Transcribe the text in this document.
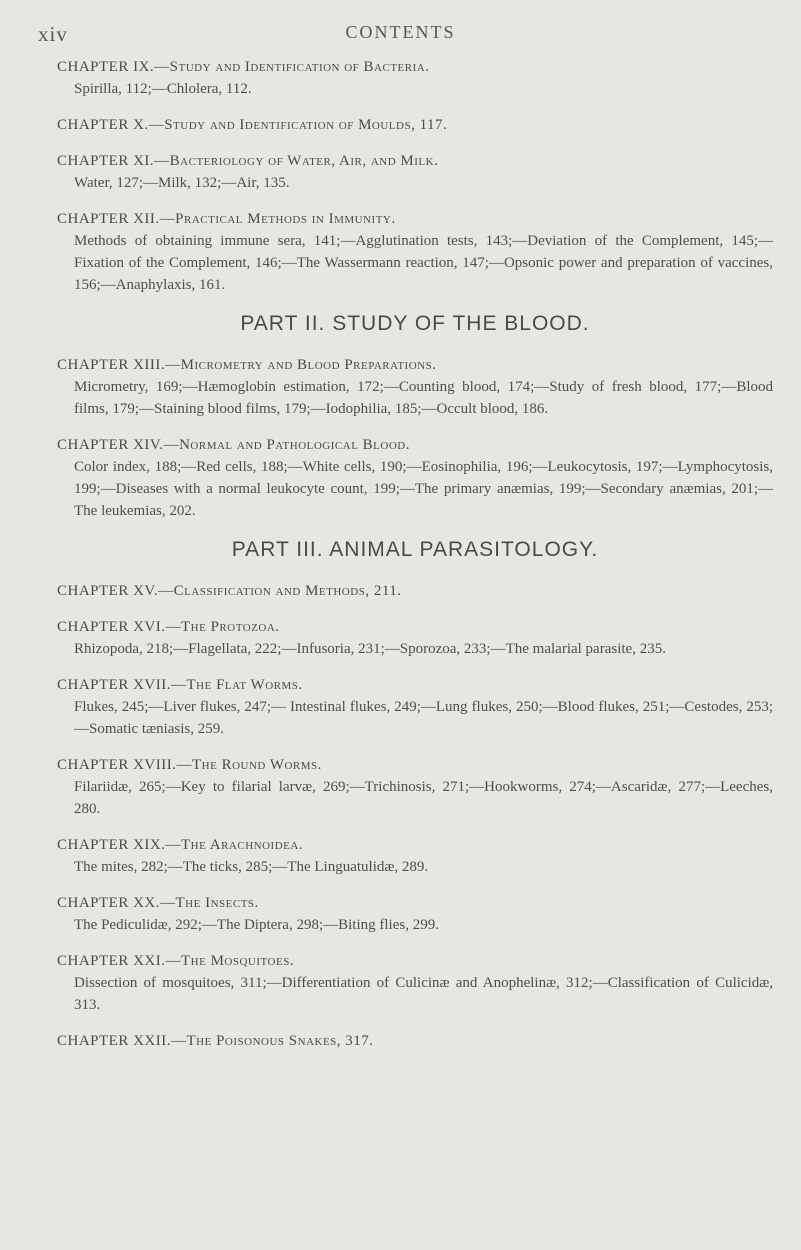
xiv	CONTENTS
CHAPTER IX.—Study and Identification of Bacteria.
Spirilla, 112;—Chlolera, 112.
CHAPTER X.—Study and Identification of Moulds, 117.
CHAPTER XI.—Bacteriology of Water, Air, and Milk.
Water, 127;—Milk, 132;—Air, 135.
CHAPTER XII.—Practical Methods in Immunity.
Methods of obtaining immune sera, 141;—Agglutination tests, 143;—Deviation of the Complement, 145;—Fixation of the Complement, 146;—The Wassermann reaction, 147;—Opsonic power and preparation of vaccines, 156;—Anaphylaxis, 161.
PART II. STUDY OF THE BLOOD.
CHAPTER XIII.—Micrometry and Blood Preparations.
Micrometry, 169;—Hæmoglobin estimation, 172;—Counting blood, 174;—Study of fresh blood, 177;—Blood films, 179;—Staining blood films, 179;—Iodophilia, 185;—Occult blood, 186.
CHAPTER XIV.—Normal and Pathological Blood.
Color index, 188;—Red cells, 188;—White cells, 190;—Eosinophilia, 196;—Leukocytosis, 197;—Lymphocytosis, 199;—Diseases with a normal leukocyte count, 199;—The primary anæmias, 199;—Secondary anæmias, 201;—The leukemias, 202.
PART III. ANIMAL PARASITOLOGY.
CHAPTER XV.—Classification and Methods, 211.
CHAPTER XVI.—The Protozoa.
Rhizopoda, 218;—Flagellata, 222;—Infusoria, 231;—Sporozoa, 233;—The malarial parasite, 235.
CHAPTER XVII.—The Flat Worms.
Flukes, 245;—Liver flukes, 247;— Intestinal flukes, 249;—Lung flukes, 250;—Blood flukes, 251;—Cestodes, 253;—Somatic tæniasis, 259.
CHAPTER XVIII.—The Round Worms.
Filariidæ, 265;—Key to filarial larvæ, 269;—Trichinosis, 271;—Hookworms, 274;—Ascaridæ, 277;—Leeches, 280.
CHAPTER XIX.—The Arachnoidea.
The mites, 282;—The ticks, 285;—The Linguatulidæ, 289.
CHAPTER XX.—The Insects.
The Pediculidæ, 292;—The Diptera, 298;—Biting flies, 299.
CHAPTER XXI.—The Mosquitoes.
Dissection of mosquitoes, 311;—Differentiation of Culicinæ and Anophelinæ, 312;—Classification of Culicidæ, 313.
CHAPTER XXII.—The Poisonous Snakes, 317.
